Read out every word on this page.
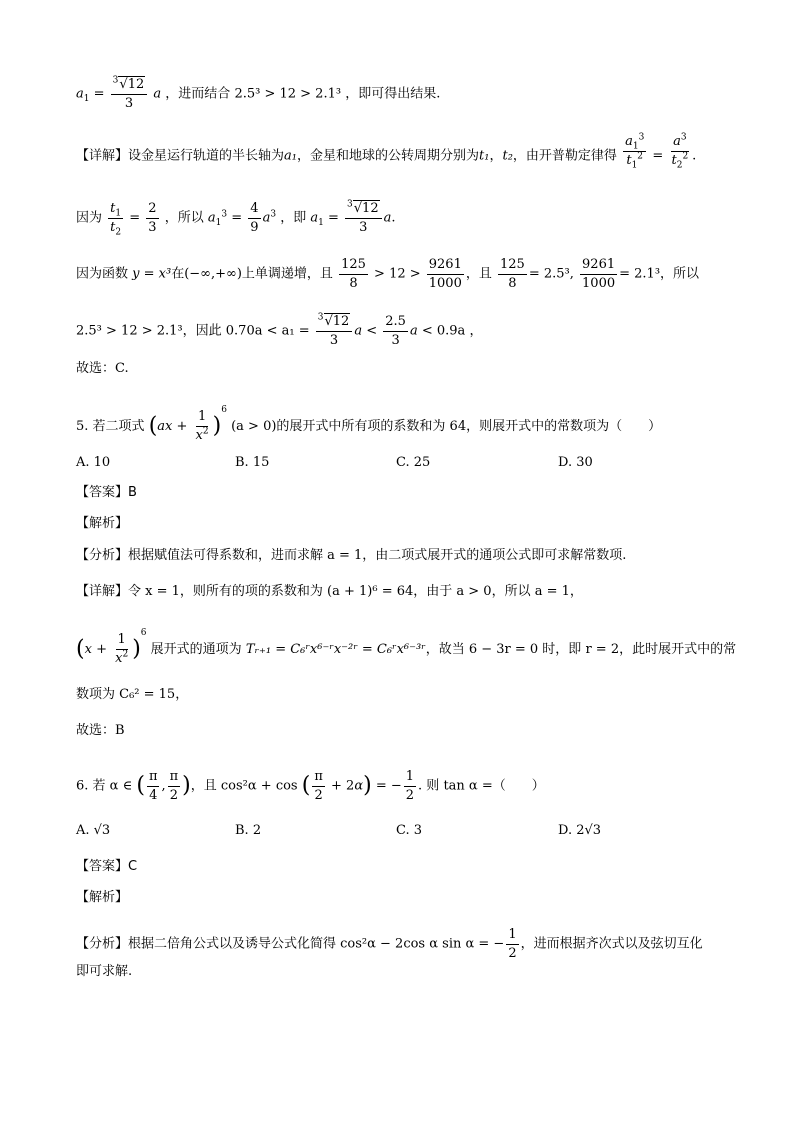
$a_1 = \frac{^3√12}{3}$ a ，进而结合 2.5³ > 12 > 2.1³ ，即可得出结果.
【详解】设金星运行轨道的半长轴为a₁，金星和地球的公转周期分别为t₁，t₂，由开普勒定律得 $\frac{a_1^3}{t_1^2} = \frac{a^3}{t_2^2}$ .
因为 $\frac{t_1}{t_2} = \frac{2}{3}$ ，所以 $a_1^3 = \frac{4}{9} a^3$ ，即 $a_1 = \frac{^3√12}{3} a$.
因为函数 y = x³在(−∞,+∞)上单调递增，且 $\frac{125}{8} > 12 > \frac{9261}{1000}$ ，且 $\frac{125}{8} = 2.5^3$, $\frac{9261}{1000} = 2.1^3$，所以
2.5³ > 12 > 2.1³，因此 $0.70a < a_1 = \frac{^3√12}{3}$ $a < \frac{2.5}{3}$ a < 0.9a ，
故选：C.
5. 若二项式 $(ax + \frac{1}{x^2} )^6$ (a > 0)的展开式中所有项的系数和为 64，则展开式中的常数项为（　　）
A. 10	B. 15	C. 25	D. 30
【答案】B
【解析】
【分析】根据赋值法可得系数和，进而求解 a = 1，由二项式展开式的通项公式即可求解常数项.
【详解】令 x = 1，则所有的项的系数和为 (a + 1)⁶ = 64，由于 a > 0，所以 a = 1，
$(x + \frac{1}{x^2} )^6$ 展开式的通项为 Tᵣ₊₁ = C₆ʳx⁶⁻ʳx⁻²ʳ = C₆ʳx⁶⁻³ʳ，故当 6 − 3r = 0 时，即 r = 2，此时展开式中的常
数项为 C₆² = 15，
故选：B
6. 若 α ∈ ( $\frac{\pi}{4}$ , $\frac{\pi}{2}$ )，且 cos²α + cos ( $\frac{\pi}{2} + 2\alpha$) = − $\frac{1}{2}$ . 则 tan α =（　　）
A. √3	B. 2	C. 3	D. 2√3
【答案】C
【解析】
【分析】根据二倍角公式以及诱导公式化简得 cos²α − 2cos α sin α = − $\frac{1}{2}$ ，进而根据齐次式以及弦切互化
即可求解.
